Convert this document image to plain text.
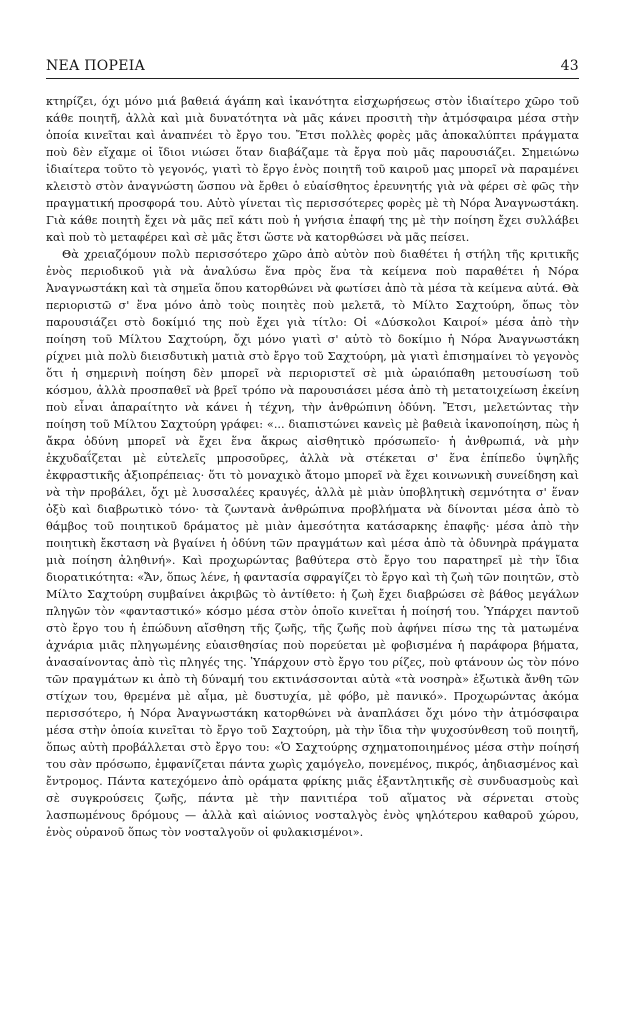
ΝΕΑ ΠΟΡΕΙΑ	43

κτηρίζει, όχι μόνο μιά βαθειά άγάπη καὶ ἱκανότητα εἰσχωρήσεως στὸν ἰδιαίτερο χῶρο τοῦ κάθε ποιητῆ, ἀλλὰ καὶ μιὰ δυνατότητα νὰ μᾶς κάνει προσιτὴ τὴν ἀτμόσφαιρα μέσα στὴν ὁποία κινεῖται καὶ ἀναπνέει τὸ ἔργο του. Ἔτσι πολλὲς φορὲς μᾶς ἀποκαλύπτει πράγματα ποὺ δὲν εἴχαμε οἱ ἴδιοι νιώσει ὅταν διαβάζαμε τὰ ἔργα ποὺ μᾶς παρουσιάζει. Σημειώνω ἰδιαίτερα τοῦτο τὸ γεγονός, γιατὶ τὸ ἔργο ἑνὸς ποιητῆ τοῦ καιροῦ μας μπορεῖ νὰ παραμένει κλειστὸ στὸν ἀναγνώστη ὥσπου νὰ ἔρθει ὁ εὐαίσθητος ἐρευνητής γιὰ νὰ φέρει σὲ φῶς τὴν πραγματική προσφορά του. Αὐτὸ γίνεται τὶς περισσότερες φορὲς μὲ τὴ Νόρα Ἀναγνωστάκη. Γιὰ κάθε ποιητὴ ἔχει νὰ μᾶς πεῖ κάτι ποὺ ἡ γνήσια ἐπαφή της μὲ τὴν ποίηση ἔχει συλλάβει καὶ ποὺ τὸ μεταφέρει καὶ σὲ μᾶς ἔτσι ὥστε νὰ κατορθώσει νὰ μᾶς πείσει.

Θὰ χρειαζόμουν πολὺ περισσότερο χῶρο ἀπὸ αὐτὸν ποὺ διαθέτει ἡ στήλη τῆς κριτικῆς ἑνὸς περιοδικοῦ γιὰ νὰ ἀναλύσω ἕνα πρὸς ἕνα τὰ κείμενα ποὺ παραθέτει ἡ Νόρα Ἀναγνωστάκη καὶ τὰ σημεῖα ὅπου κατορθώνει νὰ φωτίσει ἀπὸ τὰ μέσα τὰ κείμενα αὐτά. Θὰ περιοριστῶ σ' ἕνα μόνο ἀπὸ τοὺς ποιητὲς ποὺ μελετᾶ, τὸ Μίλτο Σαχτούρη, ὅπως τὸν παρουσιάζει στὸ δοκίμιό της ποὺ ἔχει γιὰ τίτλο: Οἱ «Δύσκολοι Καιροί» μέσα ἀπὸ τὴν ποίηση τοῦ Μίλτου Σαχτούρη, ὄχι μόνο γιατὶ σ' αὐτὸ τὸ δοκίμιο ἡ Νόρα Ἀναγνωστάκη ρίχνει μιὰ πολὺ διεισδυτικὴ ματιὰ στὸ ἔργο τοῦ Σαχτούρη, μὰ γιατὶ ἐπισημαίνει τὸ γεγονὸς ὅτι ἡ σημερινὴ ποίηση δὲν μπορεῖ νὰ περιοριστεῖ σὲ μιὰ ὡραιόπαθη μετουσίωση τοῦ κόσμου, ἀλλὰ προσπαθεῖ νὰ βρεῖ τρόπο νὰ παρουσιάσει μέσα ἀπὸ τὴ μετατοιχείωση ἐκείνη ποὺ εἶναι ἀπαραίτητο νὰ κάνει ἡ τέχνη, τὴν ἀνθρώπινη ὀδύνη. Ἔτσι, μελετώντας τὴν ποίηση τοῦ Μίλτου Σαχτούρη γράφει: «... διαπιστώνει κανεὶς μὲ βαθειὰ ἱκανοποίηση, πὼς ἡ ἄκρα ὀδύνη μπορεῖ νὰ ἔχει ἕνα ἄκρως αἰσθητικὸ πρόσωπεῖο· ἡ ἀνθρωπιά, νὰ μὴν ἐκχυδαΐζεται μὲ εὐτελεῖς μπροσοῦρες, ἀλλὰ νὰ στέκεται σ' ἕνα ἐπίπεδο ὑψηλῆς ἐκφραστικῆς ἀξιοπρέπειας· ὅτι τὸ μοναχικὸ ἄτομο μπορεῖ νὰ ἔχει κοινωνικὴ συνείδηση καὶ νὰ τὴν προβάλει, ὄχι μὲ λυσσαλέες κραυγές, ἀλλὰ μὲ μιὰν ὑποβλητικὴ σεμνότητα σ' ἕναν ὀξὺ καὶ διαβρωτικὸ τόνο· τὰ ζωντανὰ ἀνθρώπινα προβλήματα νὰ δίνονται μέσα ἀπὸ τὸ θάμβος τοῦ ποιητικοῦ δράματος μὲ μιὰν ἀμεσότητα κατάσαρκης ἐπαφῆς· μέσα ἀπὸ τὴν ποιητικὴ ἔκσταση νὰ βγαίνει ἡ ὀδύνη τῶν πραγμάτων καὶ μέσα ἀπὸ τὰ ὀδυνηρὰ πράγματα μιὰ ποίηση ἀληθινή». Καὶ προχωρώντας βαθύτερα στὸ ἔργο του παρατηρεῖ μὲ τὴν ἴδια διορατικότητα: «Ἄν, ὅπως λένε, ἡ φαντασία σφραγίζει τὸ ἔργο καὶ τὴ ζωὴ τῶν ποιητῶν, στὸ Μίλτο Σαχτούρη συμβαίνει ἀκριβῶς τὸ ἀντίθετο: ἡ ζωὴ ἔχει διαβρώσει σὲ βάθος μεγάλων πληγῶν τὸν «φανταστικό» κόσμο μέσα στὸν ὁποῖο κινεῖται ἡ ποίησή του. Ὑπάρχει παντοῦ στὸ ἔργο του ἡ ἐπώδυνη αἴσθηση τῆς ζωῆς, τῆς ζωῆς ποὺ ἀφήνει πίσω της τὰ ματωμένα ἀχνάρια μιᾶς πληγωμένης εὐαισθησίας ποὺ πορεύεται μὲ φοβισμένα ἡ παράφορα βήματα, ἀνασαίνοντας ἀπὸ τὶς πληγές της. Ὑπάρχουν στὸ ἔργο του ρίζες, ποὺ φτάνουν ὡς τὸν πόνο τῶν πραγμάτων κι ἀπὸ τὴ δύναμή του εκτινάσσονται αὐτὰ «τὰ νοσηρὰ» ἐξωτικὰ ἄνθη τῶν στίχων του, θρεμένα μὲ αἷμα, μὲ δυστυχία, μὲ φόβο, μὲ πανικό». Προχωρώντας ἀκόμα περισσότερο, ἡ Νόρα Ἀναγνωστάκη κατορθώνει νὰ ἀναπλάσει ὄχι μόνο τὴν ἀτμόσφαιρα μέσα στὴν ὁποία κινεῖται τὸ ἔργο τοῦ Σαχτούρη, μὰ τὴν ἴδια τὴν ψυχοσύνθεση τοῦ ποιητῆ, ὅπως αὐτὴ προβάλλεται στὸ ἔργο του: «Ὁ Σαχτούρης σχηματοποιημένος μέσα στὴν ποίησή του σὰν πρόσωπο, ἐμφανίζεται πάντα χωρὶς χαμόγελο, πονεμένος, πικρός, ἀηδιασμένος καὶ ἔντρομος. Πάντα κατεχόμενο ἀπὸ οράματα φρίκης μιᾶς ἐξαντλητικῆς σὲ συνδυασμοὺς καὶ σὲ συγκρούσεις ζωῆς, πάντα μὲ τὴν πανιτιέρα τοῦ αἵματος νὰ σέρνεται στοὺς λασπωμένους δρόμους — ἀλλὰ καὶ αἰώνιος νοσταλγὸς ἑνὸς ψηλότερου καθαροῦ χώρου, ἑνὸς οὐρανοῦ ὅπως τὸν νοσταλγοῦν οἱ φυλακισμένοι».
